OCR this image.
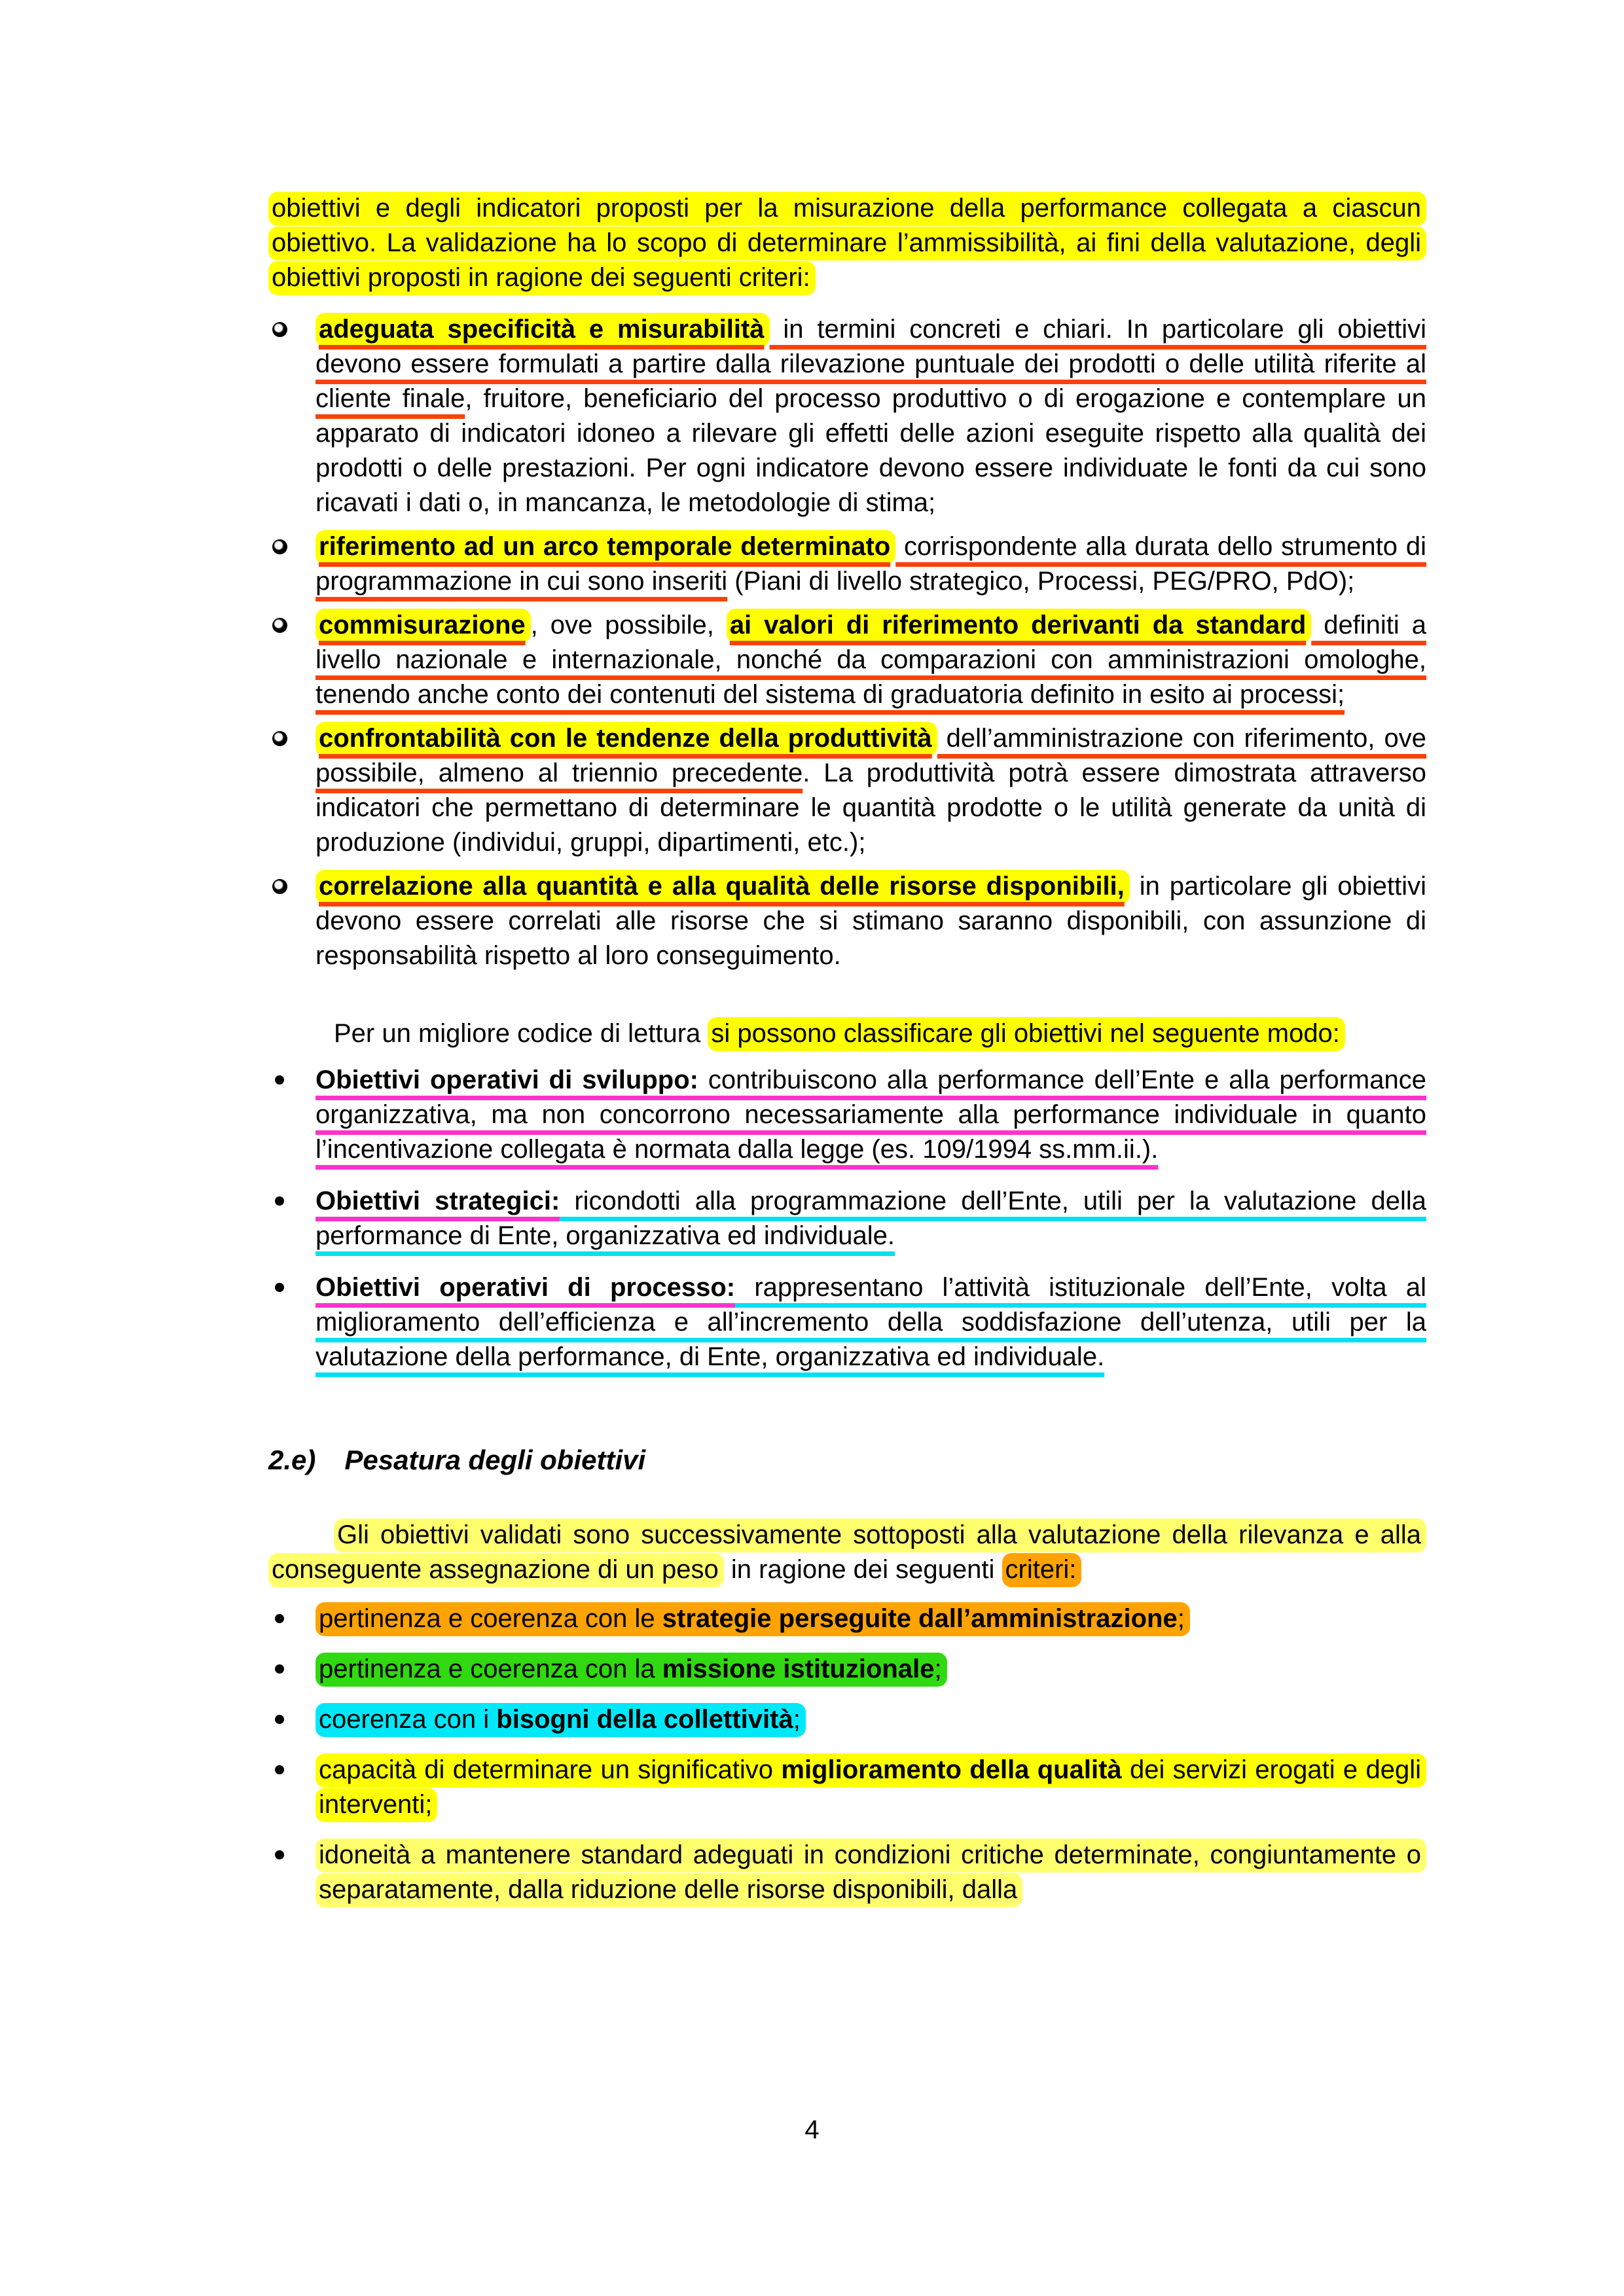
obiettivi e degli indicatori proposti per la misurazione della performance collegata a ciascun obiettivo. La validazione ha lo scopo di determinare l’ammissibilità, ai fini della valutazione, degli obiettivi proposti in ragione dei seguenti criteri:

adeguata specificità e misurabilità in termini concreti e chiari. In particolare gli obiettivi devono essere formulati a partire dalla rilevazione puntuale dei prodotti o delle utilità riferite al cliente finale, fruitore, beneficiario del processo produttivo o di erogazione e contemplare un apparato di indicatori idoneo a rilevare gli effetti delle azioni eseguite rispetto alla qualità dei prodotti o delle prestazioni. Per ogni indicatore devono essere individuate le fonti da cui sono ricavati i dati o, in mancanza, le metodologie di stima;
riferimento ad un arco temporale determinato corrispondente alla durata dello strumento di programmazione in cui sono inseriti (Piani di livello strategico, Processi, PEG/PRO, PdO);
commisurazione , ove possibile, ai valori di riferimento derivanti da standard definiti a livello nazionale e internazionale, nonché da comparazioni con amministrazioni omologhe, tenendo anche conto dei contenuti del sistema di graduatoria definito in esito ai processi;
confrontabilità con le tendenze della produttività dell’amministrazione con riferimento, ove possibile, almeno al triennio precedente. La produttività potrà essere dimostrata attraverso indicatori che permettano di determinare le quantità prodotte o le utilità generate da unità di produzione (individui, gruppi, dipartimenti, etc.);
correlazione alla quantità e alla qualità delle risorse disponibili, in particolare gli obiettivi devono essere correlati alle risorse che si stimano saranno disponibili, con assunzione di responsabilità rispetto al loro conseguimento.

Per un migliore codice di lettura si possono classificare gli obiettivi nel seguente modo:

Obiettivi operativi di sviluppo: contribuiscono alla performance dell’Ente e alla performance organizzativa, ma non concorrono necessariamente alla performance individuale in quanto l’incentivazione collegata è normata dalla legge (es. 109/1994 ss.mm.ii.).
Obiettivi strategici: ricondotti alla programmazione dell’Ente, utili per la valutazione della performance di Ente, organizzativa ed individuale.
Obiettivi operativi di processo: rappresentano l’attività istituzionale dell’Ente, volta al miglioramento dell’efficienza e all’incremento della soddisfazione dell’utenza, utili per la valutazione della performance, di Ente, organizzativa ed individuale.
2.e) Pesatura degli obiettivi

Gli obiettivi validati sono successivamente sottoposti alla valutazione della rilevanza e alla conseguente assegnazione di un peso in ragione dei seguenti criteri:

pertinenza e coerenza con le strategie perseguite dall’amministrazione;
pertinenza e coerenza con la missione istituzionale;
coerenza con i bisogni della collettività;
capacità di determinare un significativo miglioramento della qualità dei servizi erogati e degli interventi;
idoneità a mantenere standard adeguati in condizioni critiche determinate, congiuntamente o separatamente, dalla riduzione delle risorse disponibili, dalla
4
